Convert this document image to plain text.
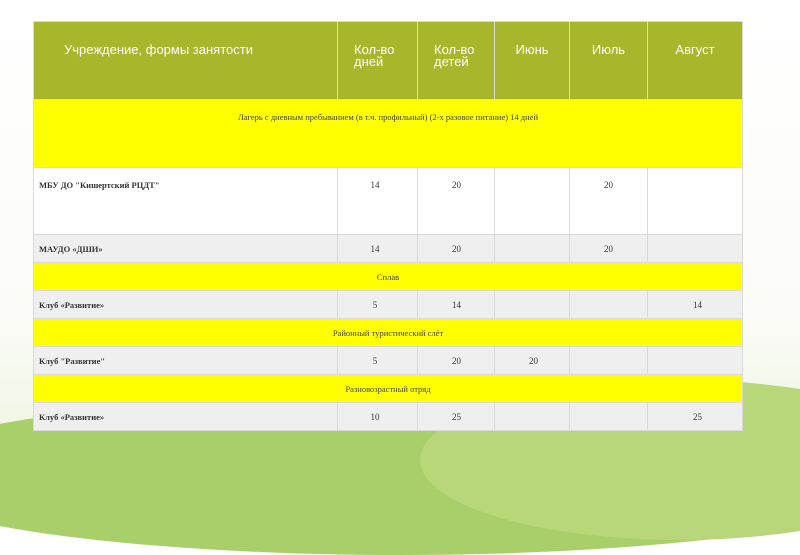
Учреждение, формы занятости	Кол-во дней	Кол-во детей	Июнь	Июль	Август
Лагерь с дневным пребыванием (в т.ч. профильный) (2-х разовое питание) 14 дней					
МБУ ДО "Кишертский РЦДТ"	14	20		20	
МАУДО «ДШИ»	14	20		20	
Сплав					
Клуб «Развитие»	5	14			14
Районный туристический слёт					
Клуб "Развитие"	5	20	20		
Разновозрастный отряд					
Клуб «Развитие»	10	25			25
